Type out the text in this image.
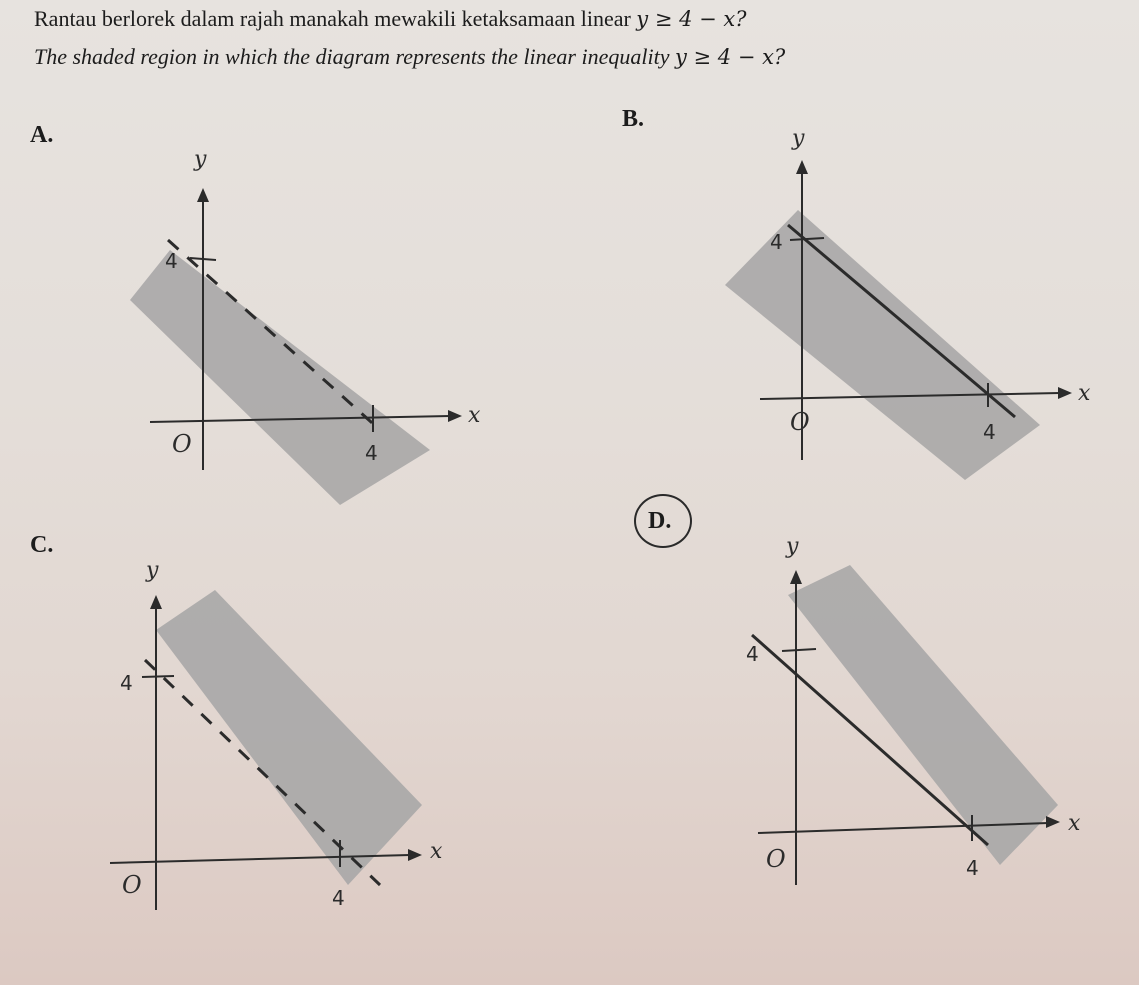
Rantau berlorek dalam rajah manakah mewakili ketaksamaan linear y ≥ 4 − x?
The shaded region in which the diagram represents the linear inequality y ≥ 4 − x?
A.
B.
C.
D.
y
x
4
4
O
y
x
4
4
O
y
x
4
4
O
y
x
4
4
O
